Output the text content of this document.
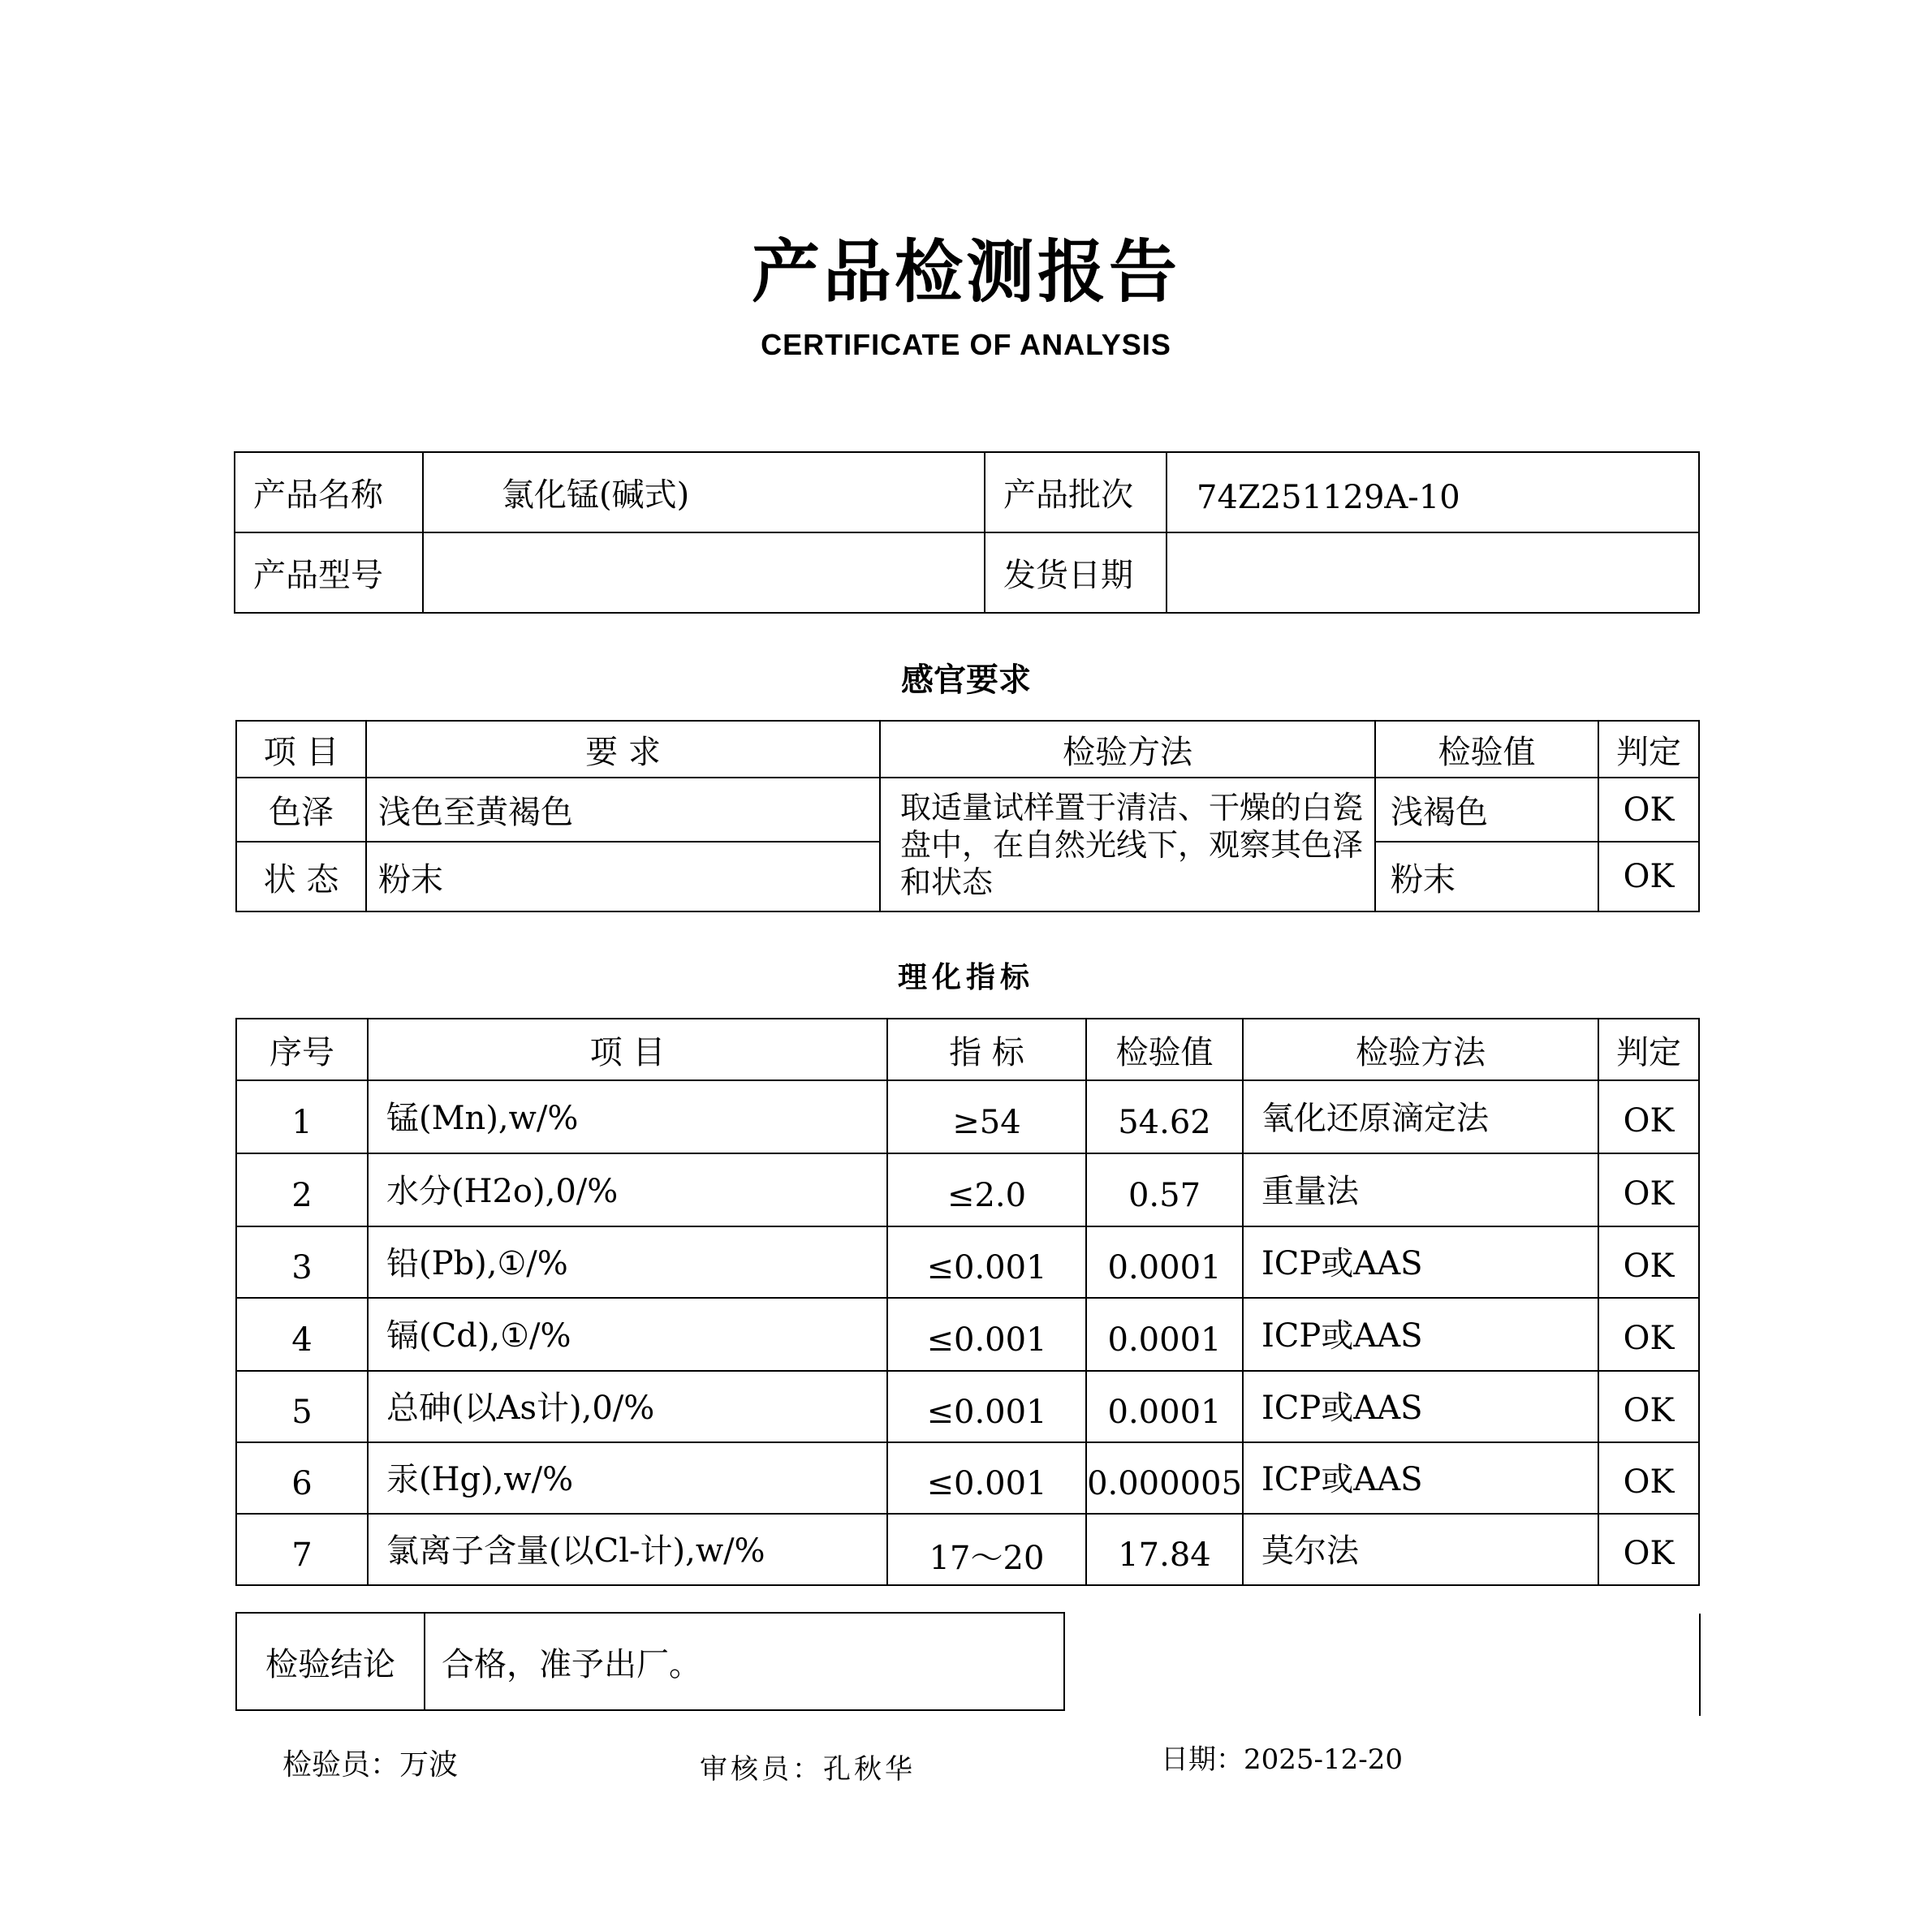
产品检测报告
CERTIFICATE OF ANALYSIS
产品名称	氯化锰(碱式)	产品批次	74Z251129A-10
产品型号		发货日期	
感官要求
项 目	要 求	检验方法	检验值	判定
色泽	浅色至黄褐色	取适量试样置于清洁、干燥的白瓷盘中，在自然光线下，观察其色泽和状态	浅褐色	OK
状 态	粉末		粉末	OK
理化指标
序号	项 目	指 标	检验值	检验方法	判定
1	锰(Mn),w/%	≥54	54.62	氧化还原滴定法	OK
2	水分(H2o),0/%	≤2.0	0.57	重量法	OK
3	铅(Pb),①/%	≤0.001	0.0001	ICP或AAS	OK
4	镉(Cd),①/%	≤0.001	0.0001	ICP或AAS	OK
5	总砷(以As计),0/%	≤0.001	0.0001	ICP或AAS	OK
6	汞(Hg),w/%	≤0.001	0.000005	ICP或AAS	OK
7	氯离子含量(以Cl-计),w/%	17～20	17.84	莫尔法	OK
检验结论	合格，准予出厂。
检验员：万波	审核员：孔秋华	日期：2025-12-20
